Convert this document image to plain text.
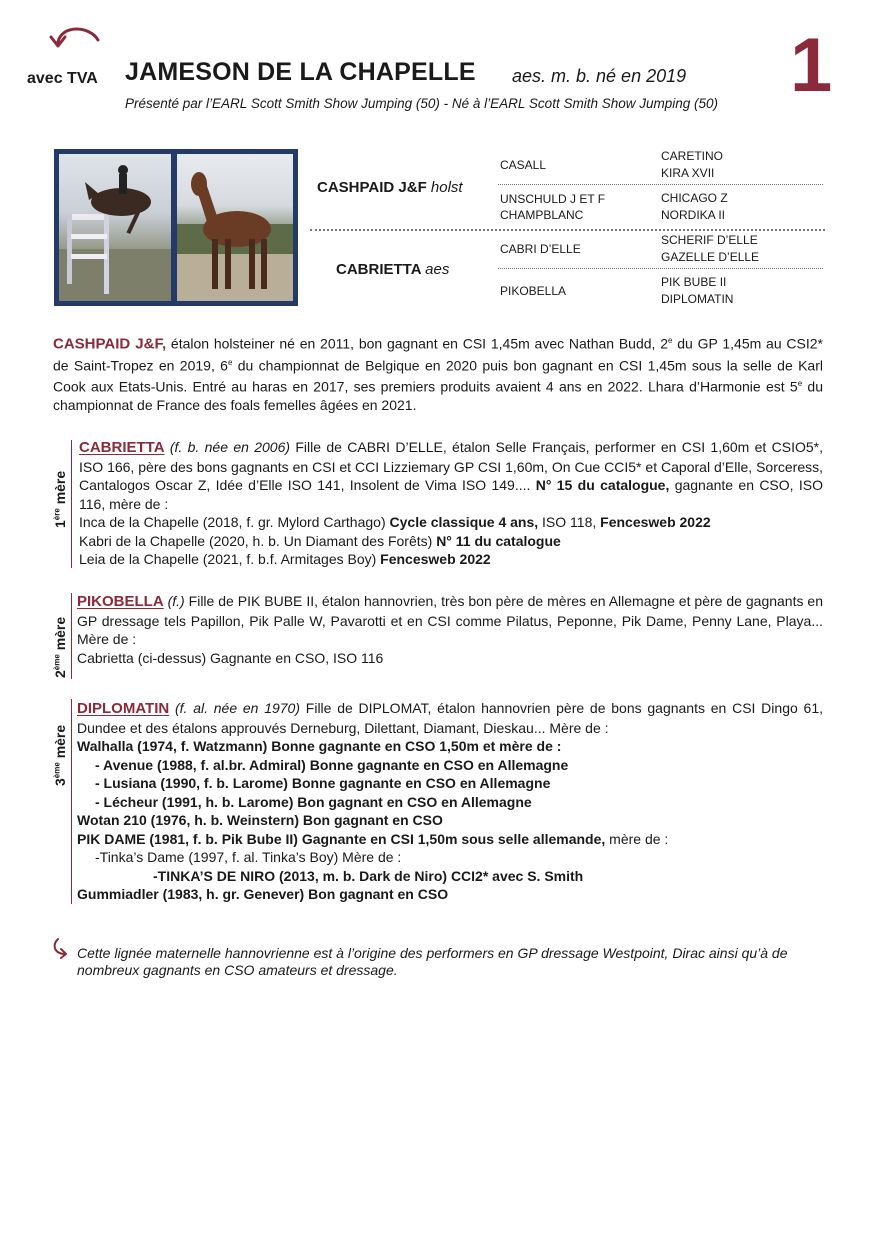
avec TVA JAMESON DE LA CHAPELLE aes. m. b. né en 2019
Présenté par l’EARL Scott Smith Show Jumping (50) - Né à l’EARL Scott Smith Show Jumping (50) 1
CASHPAID J&F holst
CABRIETTA aes
CASALL
UNSCHULD J ET F CHAMPBLANC
CABRI D’ELLE
PIKOBELLA
CARETINO
KIRA XVII
CHICAGO Z
NORDIKA II
SCHERIF D’ELLE
GAZELLE D’ELLE
PIK BUBE II
DIPLOMATIN
CASHPAID J&F, étalon holsteiner né en 2011, bon gagnant en CSI 1,45m avec Nathan Budd, 2e du GP 1,45m au CSI2* de Saint-Tropez en 2019, 6e du championnat de Belgique en 2020 puis bon gagnant en CSI 1,45m sous la selle de Karl Cook aux Etats-Unis. Entré au haras en 2017, ses premiers produits avaient 4 ans en 2022. Lhara d’Harmonie est 5e du championnat de France des foals femelles âgées en 2021.
1ère mère
CABRIETTA (f. b. née en 2006) Fille de CABRI D’ELLE, étalon Selle Français, performer en CSI 1,60m et CSIO5*, ISO 166, père des bons gagnants en CSI et CCI Lizziemary GP CSI 1,60m, On Cue CCI5* et Caporal d’Elle, Sorceress, Cantalogos Oscar Z, Idée d’Elle ISO 141, Insolent de Vima ISO 149.... N° 15 du catalogue, gagnante en CSO, ISO 116, mère de :
Inca de la Chapelle (2018, f. gr. Mylord Carthago) Cycle classique 4 ans, ISO 118, Fencesweb 2022
Kabri de la Chapelle (2020, h. b. Un Diamant des Forêts) N° 11 du catalogue
Leia de la Chapelle (2021, f. b.f. Armitages Boy) Fencesweb 2022
2ème mère
PIKOBELLA (f.) Fille de PIK BUBE II, étalon hannovrien, très bon père de mères en Allemagne et père de gagnants en GP dressage tels Papillon, Pik Palle W, Pavarotti et en CSI comme Pilatus, Peponne, Pik Dame, Penny Lane, Playa... Mère de :
Cabrietta (ci-dessus) Gagnante en CSO, ISO 116
3ème mère
DIPLOMATIN (f. al. née en 1970) Fille de DIPLOMAT, étalon hannovrien père de bons gagnants en CSI Dingo 61, Dundee et des étalons approuvés Derneburg, Dilettant, Diamant, Dieskau... Mère de :
Walhalla (1974, f. Watzmann) Bonne gagnante en CSO 1,50m et mère de :
- Avenue (1988, f. al.br. Admiral) Bonne gagnante en CSO en Allemagne
- Lusiana (1990, f. b. Larome) Bonne gagnante en CSO en Allemagne
- Lécheur (1991, h. b. Larome) Bon gagnant en CSO en Allemagne
Wotan 210 (1976, h. b. Weinstern) Bon gagnant en CSO
PIK DAME (1981, f. b. Pik Bube II) Gagnante en CSI 1,50m sous selle allemande, mère de :
-Tinka’s Dame (1997, f. al. Tinka’s Boy) Mère de :
-TINKA’S DE NIRO (2013, m. b. Dark de Niro) CCI2* avec S. Smith
Gummiadler (1983, h. gr. Genever) Bon gagnant en CSO
Cette lignée maternelle hannovrienne est à l’origine des performers en GP dressage Westpoint, Dirac ainsi qu’à de nombreux gagnants en CSO amateurs et dressage.
